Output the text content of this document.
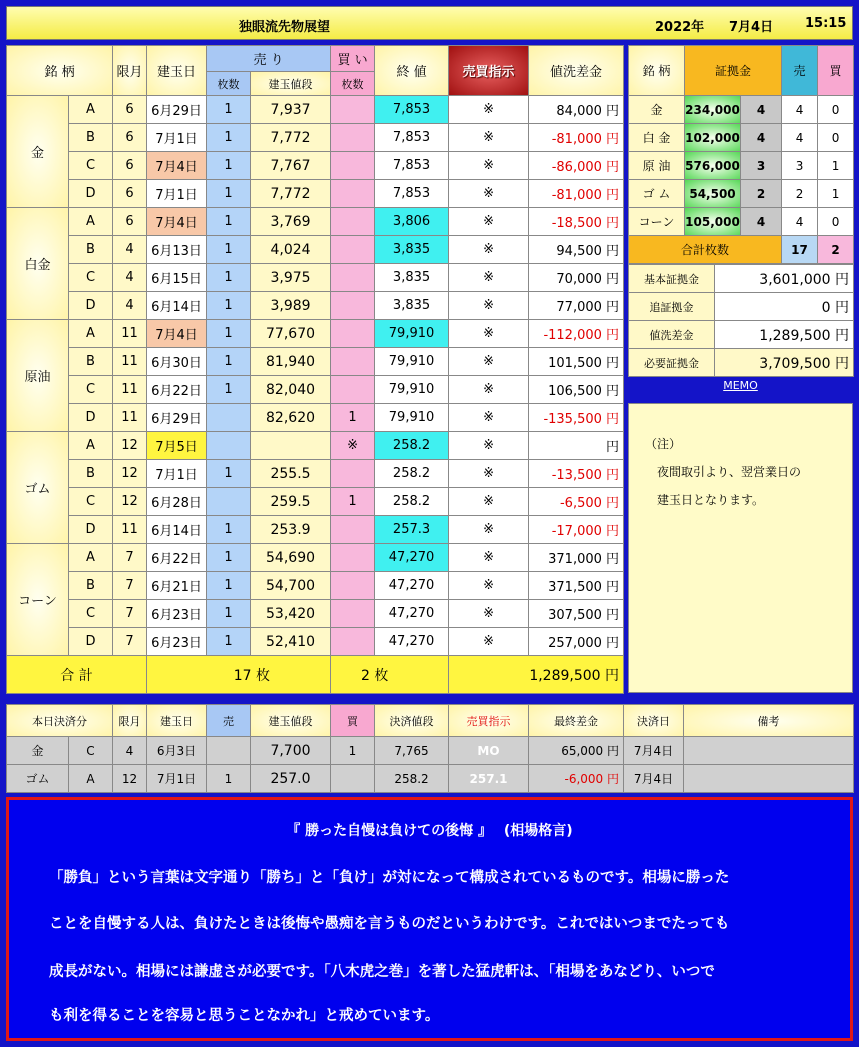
独眼流先物展望	2022年 7月4日 15:15
銘 柄		限月	建玉日	売 り		買 い	終 値	売買指示	値洗差金
				枚数	建玉値段	枚数			
金	A	6	6月29日	1	7,937		7,853	※	84,000 円
	B	6	7月1日	1	7,772		7,853	※	-81,000 円
	C	6	7月4日	1	7,767		7,853	※	-86,000 円
	D	6	7月1日	1	7,772		7,853	※	-81,000 円
白金	A	6	7月4日	1	3,769		3,806	※	-18,500 円
	B	4	6月13日	1	4,024		3,835	※	94,500 円
	C	4	6月15日	1	3,975		3,835	※	70,000 円
	D	4	6月14日	1	3,989		3,835	※	77,000 円
原油	A	11	7月4日	1	77,670		79,910	※	-112,000 円
	B	11	6月30日	1	81,940		79,910	※	101,500 円
	C	11	6月22日	1	82,040		79,910	※	106,500 円
	D	11	6月29日		82,620	1	79,910	※	-135,500 円
ゴム	A	12	7月5日			※	258.2	※	円
	B	12	7月1日	1	255.5		258.2	※	-13,500 円
	C	12	6月28日		259.5	1	258.2	※	-6,500 円
	D	11	6月14日	1	253.9		257.3	※	-17,000 円
コーン	A	7	6月22日	1	54,690		47,270	※	371,000 円
	B	7	6月21日	1	54,700		47,270	※	371,500 円
	C	7	6月23日	1	53,420		47,270	※	307,500 円
	D	7	6月23日	1	52,410		47,270	※	257,000 円
合 計			17 枚			2 枚		1,289,500 円	
銘 柄	証拠金		売	買
金	234,000	4	4	0
白 金	102,000	4	4	0
原 油	576,000	3	3	1
ゴ ム	54,500	2	2	1
コーン	105,000	4	4	0
合計枚数			17	2
基本証拠金	3,601,000 円
追証拠金	0 円
値洗差金	1,289,500 円
必要証拠金	3,709,500 円
MEMO
（注）
夜間取引より、翌営業日の
建玉日となります。
本日決済分		限月	建玉日	売	建玉値段	買	決済値段	売買指示	最終差金	決済日	備考
金	C	4	6月3日		7,700	1	7,765	MO	65,000 円	7月4日	
ゴム	A	12	7月1日	1	257.0		258.2	257.1	-6,000 円	7月4日	
『 勝った自慢は負けての後悔 』　 (相場格言)
「勝負」という言葉は文字通り「勝ち」と「負け」が対になって構成されているものです。相場に勝った
ことを自慢する人は、負けたときは後悔や愚痴を言うものだというわけです。これではいつまでたっても
成長がない。相場には謙虚さが必要です。「八木虎之巻」を著した猛虎軒は、「相場をあなどり、いつで
も利を得ることを容易と思うことなかれ」と戒めています。
